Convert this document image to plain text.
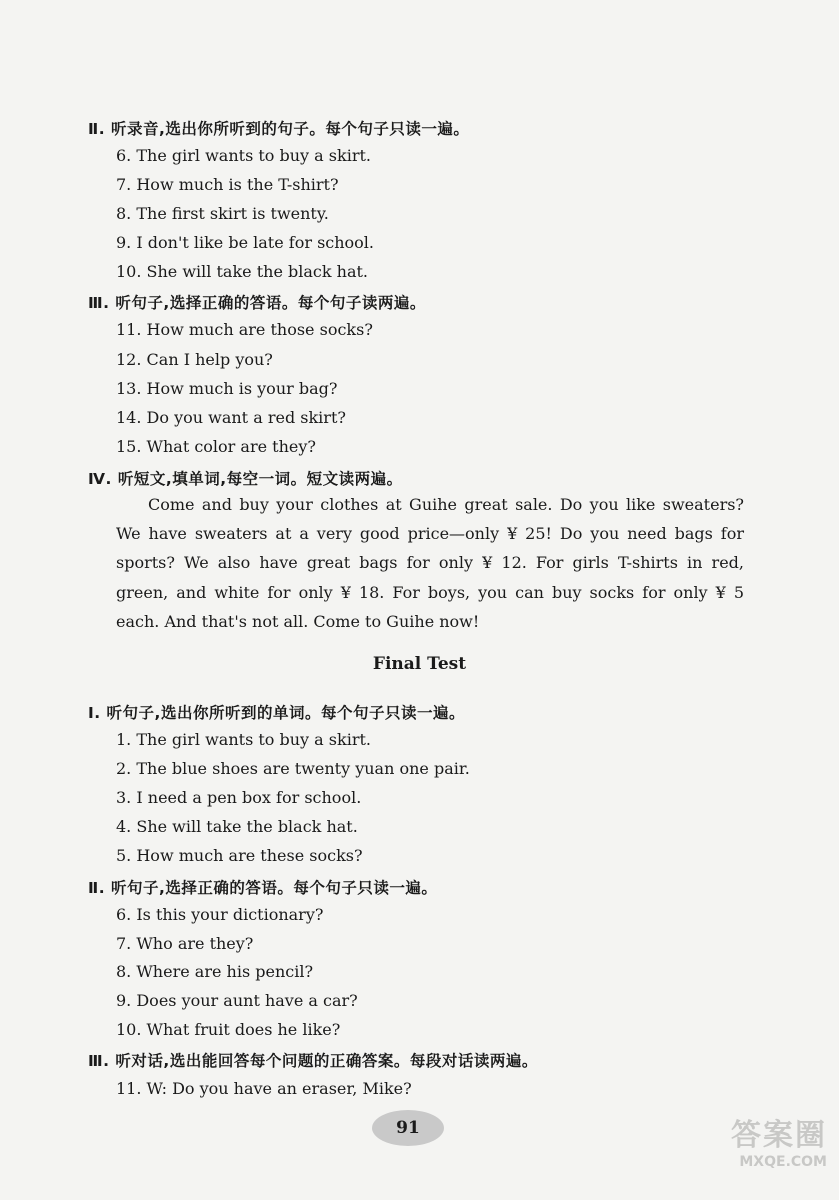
Ⅱ. 听录音,选出你所听到的句子。每个句子只读一遍。
6. The girl wants to buy a skirt.
7. How much is the T-shirt?
8. The first skirt is twenty.
9. I don't like be late for school.
10. She will take the black hat.
Ⅲ. 听句子,选择正确的答语。每个句子读两遍。
11. How much are those socks?
12. Can I help you?
13. How much is your bag?
14. Do you want a red skirt?
15. What color are they?
Ⅳ. 听短文,填单词,每空一词。短文读两遍。
Come and buy your clothes at Guihe great sale. Do you like sweaters? We have sweaters at a very good price—only ¥ 25! Do you need bags for sports? We also have great bags for only ¥ 12. For girls T-shirts in red, green, and white for only ¥ 18. For boys, you can buy socks for only ¥ 5 each. And that's not all. Come to Guihe now!
Final Test
Ⅰ. 听句子,选出你所听到的单词。每个句子只读一遍。
1. The girl wants to buy a skirt.
2. The blue shoes are twenty yuan one pair.
3. I need a pen box for school.
4. She will take the black hat.
5. How much are these socks?
Ⅱ. 听句子,选择正确的答语。每个句子只读一遍。
6. Is this your dictionary?
7. Who are they?
8. Where are his pencil?
9. Does your aunt have a car?
10. What fruit does he like?
Ⅲ. 听对话,选出能回答每个问题的正确答案。每段对话读两遍。
11. W: Do you have an eraser, Mike?
91	答案圈
MXQE.COM
